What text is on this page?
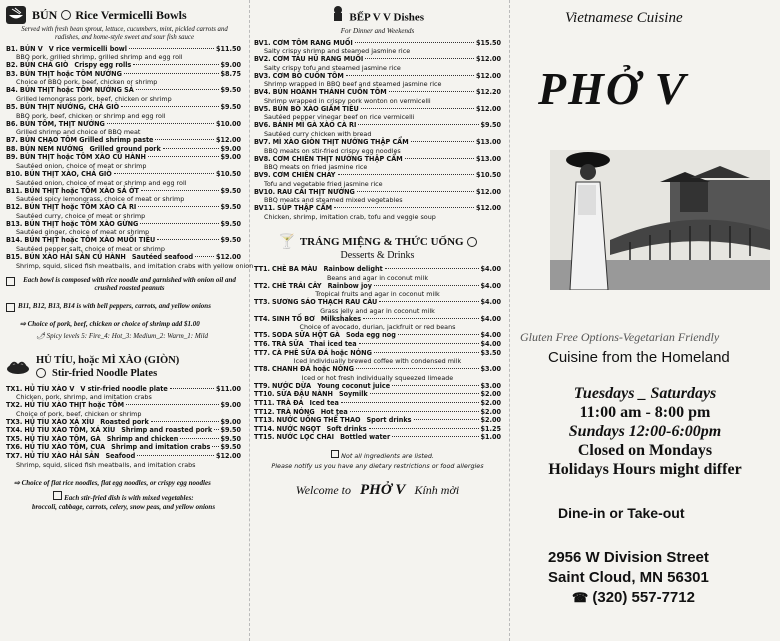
BÚN Rice Vermicelli Bowls
Served with fresh bean sprout, lettuce, cucumbers, mint, pickled carrots and radishes, and home-style sweet and sour fish sauce
B1. BÚN V V rice vermicelli bowl	$11.50
BBQ pork, grilled shrimp, grilled shrimp and egg roll
B2. BÚN CHẢ GIÒ Crispy egg rolls	$9.00
B3. BÚN THỊT hoặc TÔM NƯỚNG	$8.75
Choice of BBQ pork, beef, chicken or shrimp
B4. BÚN THỊT hoặc TÔM NƯỚNG SẢ	$9.50
Grilled lemongrass pork, beef, chicken or shrimp
B5. BÚN THỊT NƯỚNG, CHẢ GIÒ	$9.50
BBQ pork, beef, chicken or shrimp and egg roll
B6. BÚN TÔM, THỊT NƯỚNG	$10.00
Grilled shrimp and choice of BBQ meat
B7. BÚN CHẠO TÔM Grilled shrimp paste	$12.00
B8. BÚN NEM NƯỚNG Grilled ground pork	$9.00
B9. BÚN THỊT hoặc TÔM XÀO CỦ HÀNH	$9.00
Sautéed onion, choice of meat or shrimp
B10. BÚN THỊT XÀO, CHẢ GIÒ	$10.50
Sautéed onion, choice of meat or shrimp and egg roll
B11. BÚN THỊT hoặc TÔM XÀO SẢ ỚT	$9.50
Sautéed spicy lemongrass, choice of meat or shrimp
B12. BÚN THỊT hoặc TÔM XÀO CÀ RI	$9.50
Sautéed curry, choice of meat or shrimp
B13. BÚN THỊT hoặc TÔM XÀO GỪNG	$9.50
Sautéed ginger, choice of meat or shrimp
B14. BÚN THỊT hoặc TÔM XÀO MUỐI TIÊU	$9.50
Sautéed pepper salt, choice of meat or shrimp
B15. BÚN XÀO HẢI SẢN CỦ HÀNH Sautéed seafood	$12.00
Shrimp, squid, sliced fish meatballs, and imitation crabs with yellow onion
Each bowl is composed with rice noodle and garnished with onion oil and crushed roasted peanuts
B11, B12, B13, B14 is with bell peppers, carrots, and yellow onions
⇨ Choice of pork, beef, chicken or choice of shrimp add $1.00
🌶 Spicy levels 5: Fire_4: Hot_3: Medium_2: Warm_1: Mild
HỦ TÍU, hoặc MÌ XÀO (GIÒN)
Stir-fried Noodle Plates
TX1. HỦ TÍU XÀO V V stir-fried noodle plate	$11.00
Chicken, pork, shrimp, and imitation crabs
TX2. HỦ TÍU XÀO THỊT hoặc TÔM	$9.00
Choice of pork, beef, chicken or shrimp
TX3. HỦ TÍU XÀO XÁ XÍU Roasted pork	$9.00
TX4. HỦ TÍU XÀO TÔM, XÁ XÍU Shrimp and roasted pork $9.50
TX5. HỦ TÍU XÀO TÔM, GÀ Shrimp and chicken	$9.50
TX6. HỦ TÍU XÀO TÔM, CUA Shrimp and imitation crabs $9.50
TX7. HỦ TÍU XÀO HẢI SẢN Seafood	$12.00
Shrimp, squid, sliced fish meatballs, and imitation crabs
⇨ Choice of flat rice noodles, flat egg noodles, or crispy egg noodles
Each stir-fried dish is with mixed vegetables:
broccoli, cabbage, carrots, celery, snow peas, and yellow onions
BẾP V V Dishes
For Dinner and Weekends
BV1. CƠM TÔM RANG MUỐI	$15.50
Salty crispy shrimp and steamed jasmine rice
BV2. CƠM TÀU HŨ RANG MUỐI	$12.00
Salty crispy tofu and steamed jasmine rice
BV3. CƠM BÒ CUỐN TÔM	$12.00
Shrimp wrapped in BBQ beef and steamed jasmine rice
BV4. BÚN HOÀNH THÁNH CUỐN TÔM	$12.20
Shrimp wrapped in crispy pork wonton on vermicelli
BV5. BÚN BÒ XÀO GIẤM TIÊU	$12.00
Sautéed pepper vinegar beef on rice vermicelli
BV6. BÁNH MÌ GÀ XÀO CÀ RI	$9.50
Sautéed curry chicken with bread
BV7. MÌ XÀO GIÒN THỊT NƯỚNG THẬP CẨM	$13.00
BBQ meats on stir-fried crispy egg noodles
BV8. CƠM CHIÊN THỊT NƯỚNG THẬP CẨM	$13.00
BBQ meats on fried jasmine rice
BV9. CƠM CHIÊN CHAY	$10.50
Tofu and vegetable fried jasmine rice
BV10. RAU CẢI THỊT NƯỚNG	$12.00
BBQ meats and steamed mixed vegetables
BV11. SÚP THẬP CẨM	$12.00
Chicken, shrimp, imitation crab, tofu and veggie soup
🍸 TRÁNG MIỆNG & THỨC UỐNG
Desserts & Drinks
TT1. CHÈ BA MÀU Rainbow delight	$4.00
Beans and agar in coconut milk
TT2. CHÈ TRÁI CÂY Rainbow joy	$4.00
Tropical fruits and agar in coconut milk
TT3. SƯƠNG SÁO THẠCH RAU CÂU	$4.00
Grass jelly and agar in coconut milk
TT4. SINH TỐ BƠ Milkshakes	$4.00
Choice of avocado, durian, jackfruit or red beans
TT5. SODA SỮA HỘT GÀ Soda egg nog	$4.00
TT6. TRÀ SỮA Thai iced tea	$4.00
TT7. CÀ PHÊ SỮA ĐÁ hoặc NÓNG	$3.50
Iced individually brewed coffee with condensed milk
TT8. CHANH ĐÁ hoặc NÓNG	$3.00
Iced or hot fresh individually squeezed limeade
TT9. NƯỚC DỪA Young coconut juice	$3.00
TT10. SỮA ĐẬU NÀNH Soymilk	$2.00
TT11. TRÀ ĐÁ Iced tea	$2.00
TT12. TRÀ NÓNG Hot tea	$2.00
TT13. NƯỚC UỐNG THỂ THAO Sport drinks	$2.00
TT14. NƯỚC NGỌT Soft drinks	$1.25
TT15. NƯỚC LỌC CHAI Bottled water	$1.00
Not all ingredients are listed.
Please notify us you have any dietary restrictions or food allergies
Welcome to PHỞ V Kính mời
Vietnamese Cuisine
PHỞ V
Gluten Free Options-Vegetarian Friendly
Cuisine from the Homeland
Tuesdays _ Saturdays
11:00 am - 8:00 pm
Sundays 12:00-6:00pm
Closed on Mondays
Holidays Hours might differ
Dine-in or Take-out
2956 W Division Street
Saint Cloud, MN 56301
☎ (320) 557-7712
